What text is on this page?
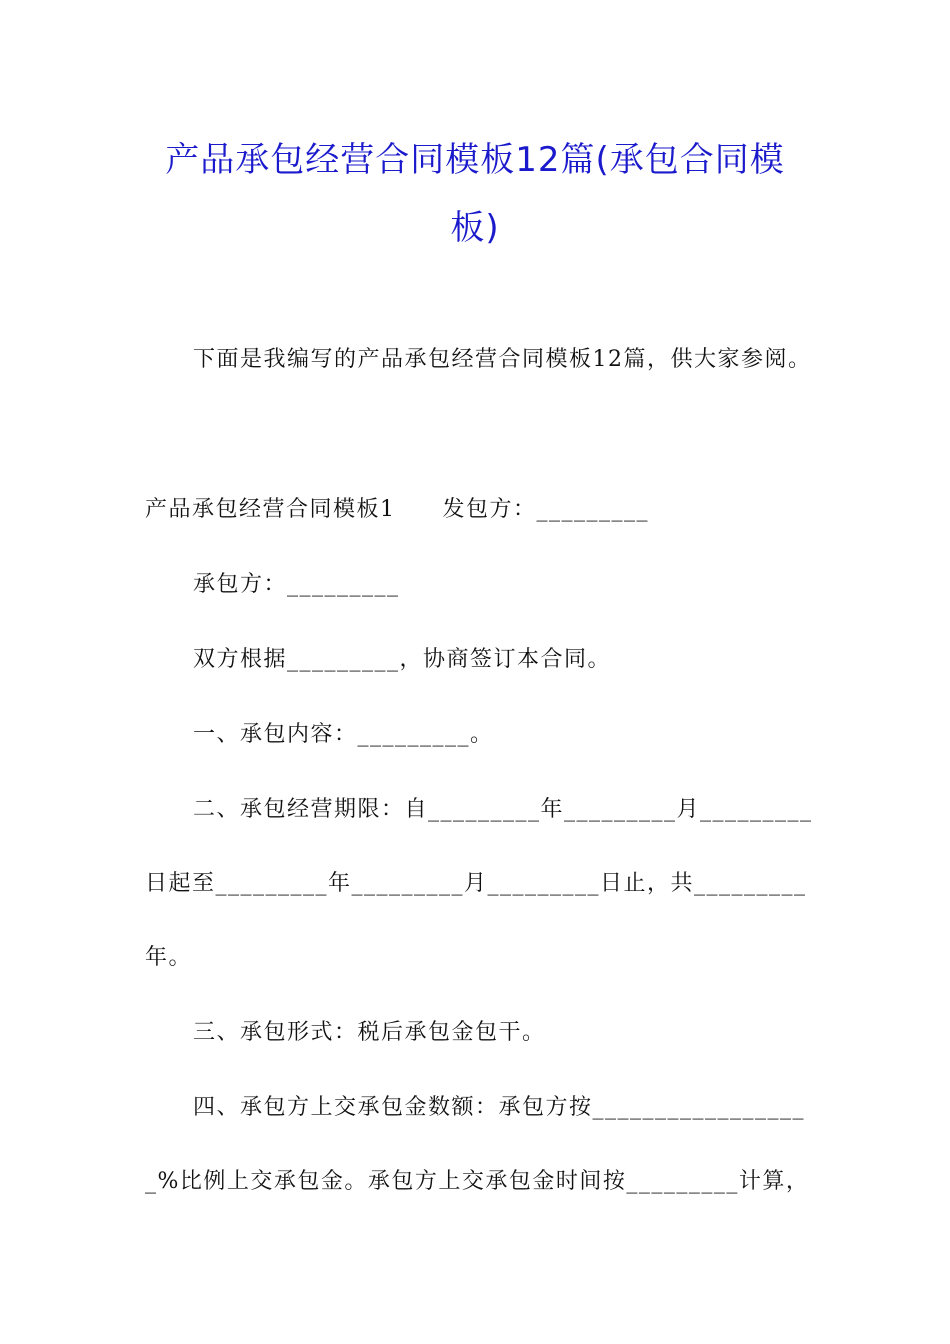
产品承包经营合同模板12篇(承包合同模
板)
下面是我编写的产品承包经营合同模板12篇，供大家参阅。
产品承包经营合同模板1　　发包方：_________
承包方：_________
双方根据_________，协商签订本合同。
一、承包内容：_________。
二、承包经营期限：自_________年_________月_________
日起至_________年_________月_________日止，共_________
年。
三、承包形式：税后承包金包干。
四、承包方上交承包金数额：承包方按_________________
_%比例上交承包金。承包方上交承包金时间按_________计算，
